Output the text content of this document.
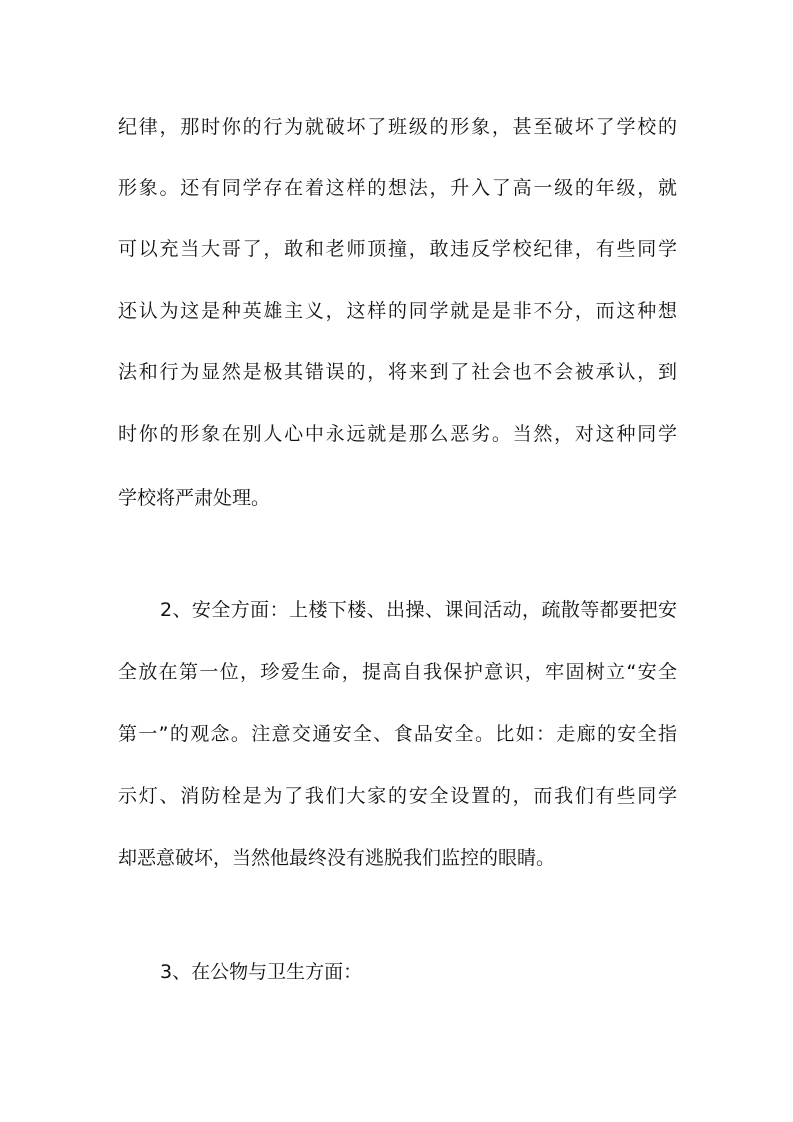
纪律，那时你的行为就破坏了班级的形象，甚至破坏了学校的
形象。还有同学存在着这样的想法，升入了高一级的年级，就
可以充当大哥了，敢和老师顶撞，敢违反学校纪律，有些同学
还认为这是种英雄主义，这样的同学就是是非不分，而这种想
法和行为显然是极其错误的，将来到了社会也不会被承认，到
时你的形象在别人心中永远就是那么恶劣。当然，对这种同学
学校将严肃处理。
2、安全方面：上楼下楼、出操、课间活动，疏散等都要把安
全放在第一位，珍爱生命，提高自我保护意识，牢固树立“安全
第一”的观念。注意交通安全、食品安全。比如：走廊的安全指
示灯、消防栓是为了我们大家的安全设置的，而我们有些同学
却恶意破坏，当然他最终没有逃脱我们监控的眼睛。
3、在公物与卫生方面：
